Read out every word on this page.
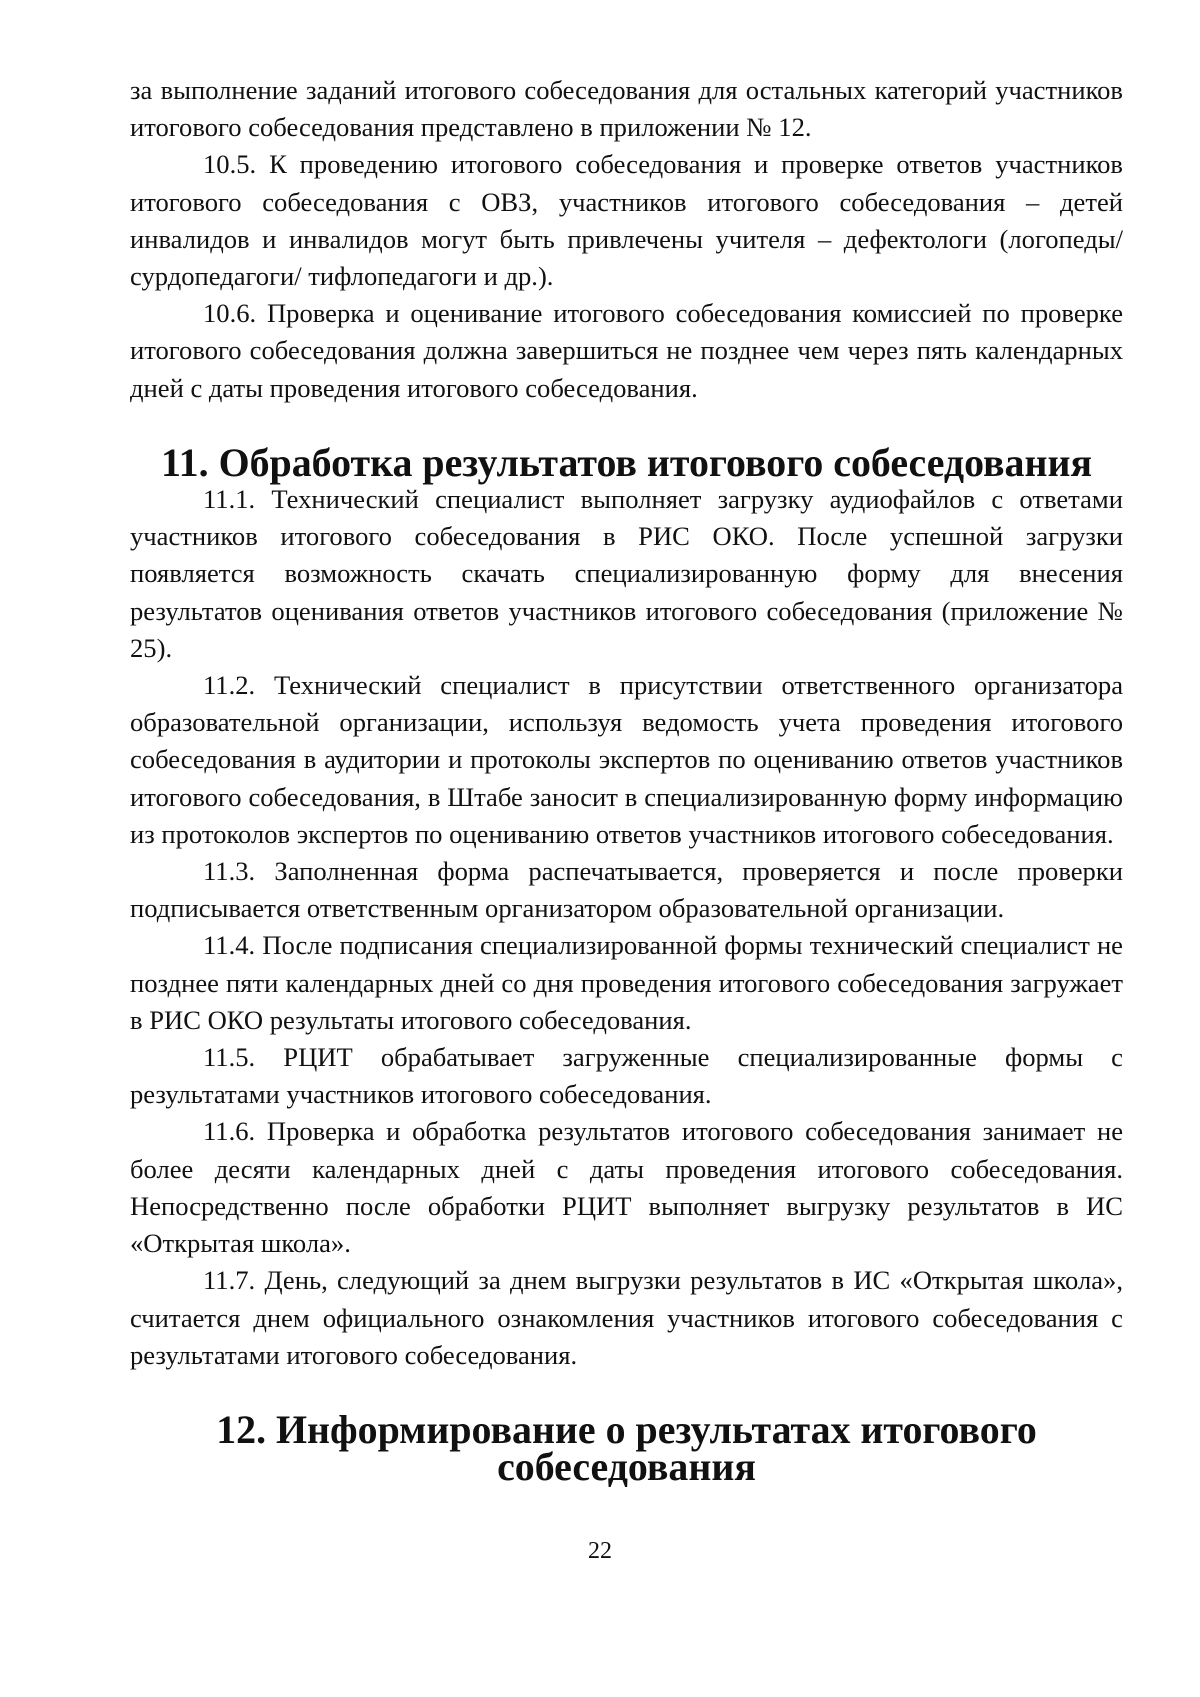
за выполнение заданий итогового собеседования для остальных категорий участников итогового собеседования представлено в приложении № 12.

10.5. К проведению итогового собеседования и проверке ответов участников итогового собеседования с ОВЗ, участников итогового собеседования – детей инвалидов и инвалидов могут быть привлечены учителя – дефектологи (логопеды/ сурдопедагоги/ тифлопедагоги и др.).

10.6. Проверка и оценивание итогового собеседования комиссией по проверке итогового собеседования должна завершиться не позднее чем через пять календарных дней с даты проведения итогового собеседования.

11. Обработка результатов итогового собеседования

11.1. Технический специалист выполняет загрузку аудиофайлов с ответами участников итогового собеседования в РИС ОКО. После успешной загрузки появляется возможность скачать специализированную форму для внесения результатов оценивания ответов участников итогового собеседования (приложение № 25).

11.2. Технический специалист в присутствии ответственного организатора образовательной организации, используя ведомость учета проведения итогового собеседования в аудитории и протоколы экспертов по оцениванию ответов участников итогового собеседования, в Штабе заносит в специализированную форму информацию из протоколов экспертов по оцениванию ответов участников итогового собеседования.

11.3. Заполненная форма распечатывается, проверяется и после проверки подписывается ответственным организатором образовательной организации.

11.4. После подписания специализированной формы технический специалист не позднее пяти календарных дней со дня проведения итогового собеседования загружает в РИС ОКО результаты итогового собеседования.

11.5. РЦИТ обрабатывает загруженные специализированные формы с результатами участников итогового собеседования.

11.6. Проверка и обработка результатов итогового собеседования занимает не более десяти календарных дней с даты проведения итогового собеседования. Непосредственно после обработки РЦИТ выполняет выгрузку результатов в ИС «Открытая школа».

11.7. День, следующий за днем выгрузки результатов в ИС «Открытая школа», считается днем официального ознакомления участников итогового собеседования с результатами итогового собеседования.

12. Информирование о результатах итогового собеседования
22
